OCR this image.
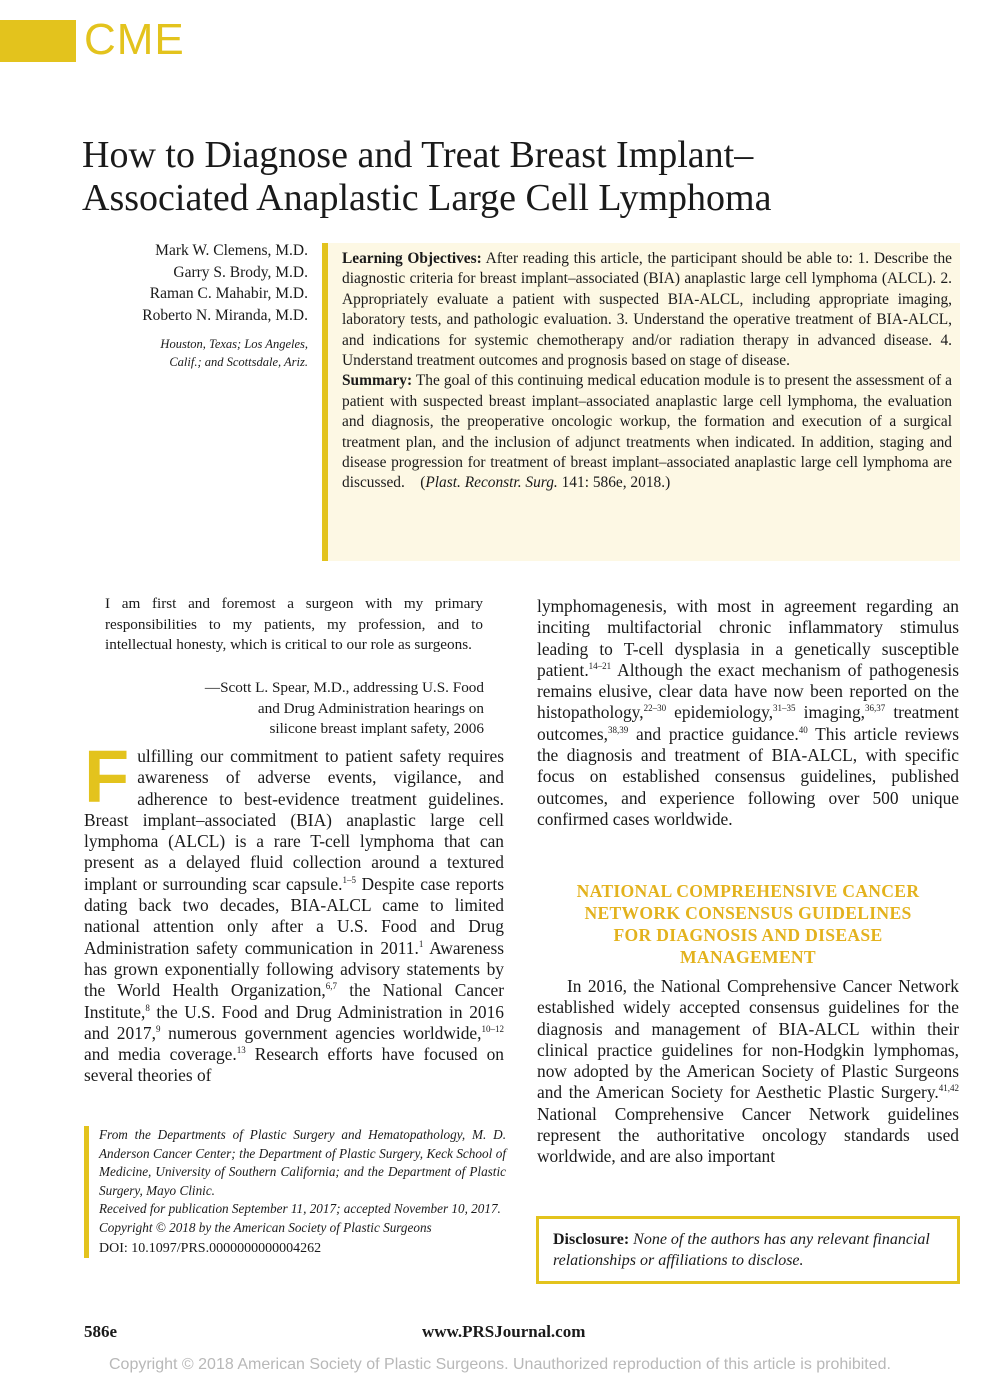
CME
How to Diagnose and Treat Breast Implant–
Associated Anaplastic Large Cell Lymphoma
Mark W. Clemens, M.D.
Garry S. Brody, M.D.
Raman C. Mahabir, M.D.
Roberto N. Miranda, M.D.
Houston, Texas; Los Angeles,
Calif.; and Scottsdale, Ariz.

Learning Objectives: After reading this article, the participant should be able to: 1. Describe the diagnostic criteria for breast implant–associated (BIA) anaplastic large cell lymphoma (ALCL). 2. Appropriately evaluate a patient with suspected BIA-ALCL, including appropriate imaging, laboratory tests, and pathologic evaluation. 3. Understand the operative treatment of BIA-ALCL, and indications for systemic chemotherapy and/or radiation therapy in advanced disease. 4. Understand treatment outcomes and prognosis based on stage of disease.

Summary: The goal of this continuing medical education module is to present the assessment of a patient with suspected breast implant–associated anaplastic large cell lymphoma, the evaluation and diagnosis, the preoperative oncologic workup, the formation and execution of a surgical treatment plan, and the inclusion of adjunct treatments when indicated. In addition, staging and disease progression for treatment of breast implant–associated anaplastic large cell lymphoma are discussed. (Plast. Reconstr. Surg. 141: 586e, 2018.)

I am first and foremost a surgeon with my primary responsibilities to my patients, my profession, and to intellectual honesty, which is critical to our role as surgeons.
—Scott L. Spear, M.D., addressing U.S. Food
and Drug Administration hearings on
silicone breast implant safety, 2006

Fulfilling our commitment to patient safety requires awareness of adverse events, vigilance, and adherence to best-evidence treatment guidelines. Breast implant–associated (BIA) anaplastic large cell lymphoma (ALCL) is a rare T-cell lymphoma that can present as a delayed fluid collection around a textured implant or surrounding scar capsule.$^{1-5}$ Despite case reports dating back two decades, BIA-ALCL came to limited national attention only after a U.S. Food and Drug Administration safety communication in 2011.$^1$ Awareness has grown exponentially following advisory statements by the World Health Organization,$^{6,7}$ the National Cancer Institute,$^8$ the U.S. Food and Drug Administration in 2016 and 2017,$^9$ numerous government agencies worldwide,$^{10-12}$ and media coverage.$^{13}$ Research efforts have focused on several theories of

From the Departments of Plastic Surgery and Hematopathology, M. D. Anderson Cancer Center; the Department of Plastic Surgery, Keck School of Medicine, University of Southern California; and the Department of Plastic Surgery, Mayo Clinic.
Received for publication September 11, 2017; accepted November 10, 2017.
Copyright © 2018 by the American Society of Plastic Surgeons
DOI: 10.1097/PRS.0000000000004262

lymphomagenesis, with most in agreement regarding an inciting multifactorial chronic inflammatory stimulus leading to T-cell dysplasia in a genetically susceptible patient.$^{14-21}$ Although the exact mechanism of pathogenesis remains elusive, clear data have now been reported on the histopathology,$^{22-30}$ epidemiology,$^{31-35}$ imaging,$^{36,37}$ treatment outcomes,$^{38,39}$ and practice guidance.$^{40}$ This article reviews the diagnosis and treatment of BIA-ALCL, with specific focus on established consensus guidelines, published outcomes, and experience following over 500 unique confirmed cases worldwide.

NATIONAL COMPREHENSIVE CANCER
NETWORK CONSENSUS GUIDELINES
FOR DIAGNOSIS AND DISEASE
MANAGEMENT

In 2016, the National Comprehensive Cancer Network established widely accepted consensus guidelines for the diagnosis and management of BIA-ALCL within their clinical practice guidelines for non-Hodgkin lymphomas, now adopted by the American Society of Plastic Surgeons and the American Society for Aesthetic Plastic Surgery.$^{41,42}$ National Comprehensive Cancer Network guidelines represent the authoritative oncology standards used worldwide, and are also important

Disclosure: None of the authors has any relevant financial relationships or affiliations to disclose.
586e	www.PRSJournal.com
Copyright © 2018 American Society of Plastic Surgeons. Unauthorized reproduction of this article is prohibited.
